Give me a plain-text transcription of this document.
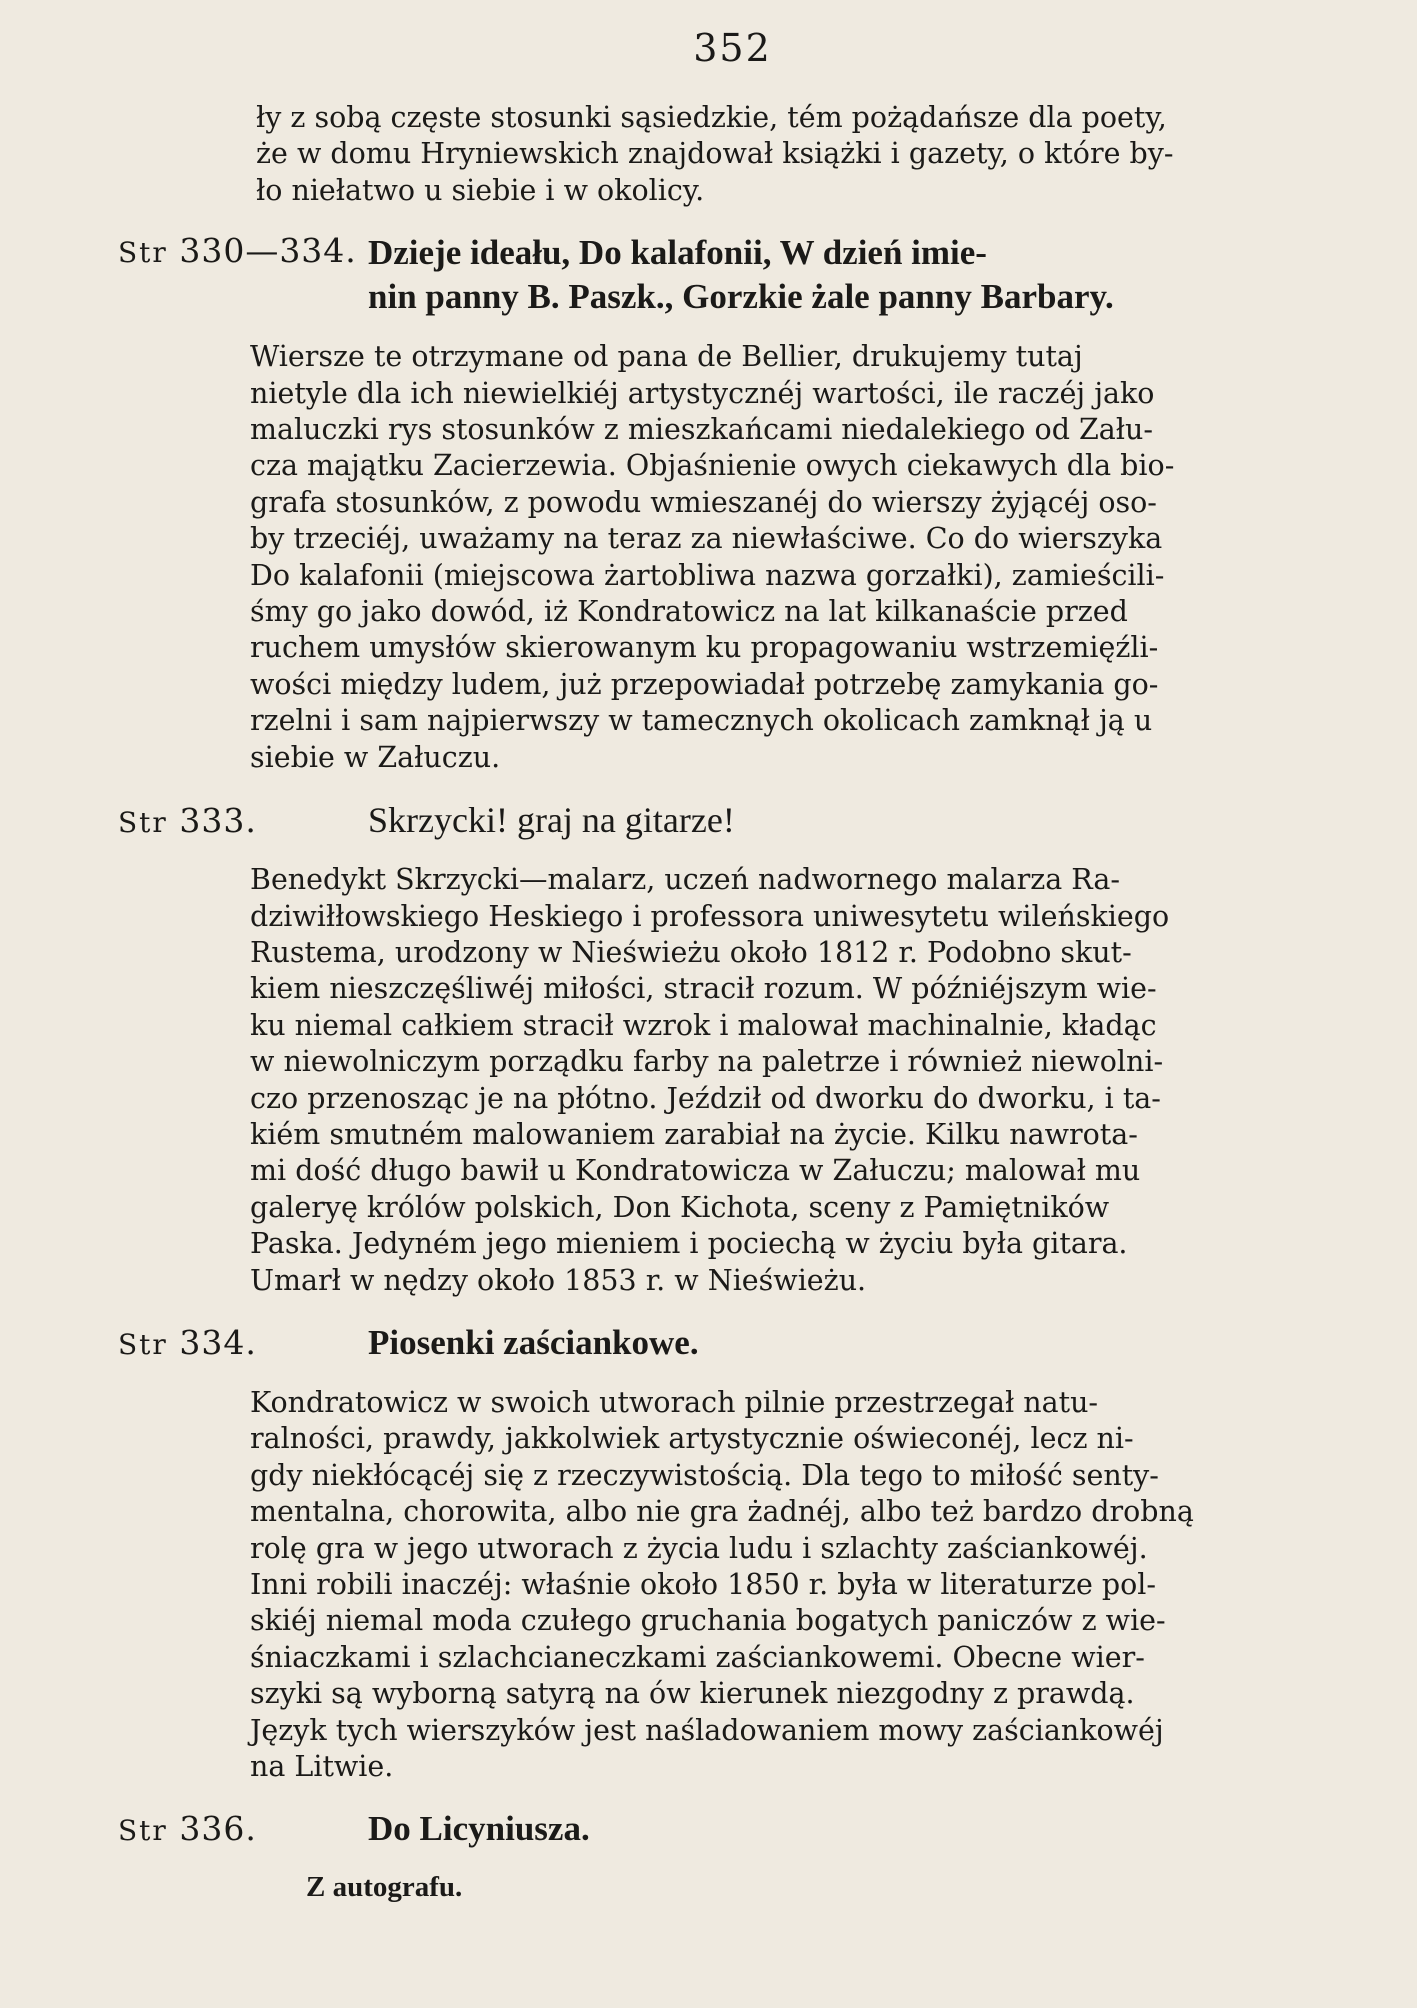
352

ły z sobą częste stosunki sąsiedzkie, tém pożądańsze dla poety,
że w domu Hryniewskich znajdował książki i gazety, o które by-
ło niełatwo u siebie i w okolicy.

Str 330—334. Dzieje ideału, Do kalafonii, W dzień imie-
nin panny B. Paszk., Gorzkie żale panny Barbary.

Wiersze te otrzymane od pana de Bellier, drukujemy tutaj
nietyle dla ich niewielkiéj artystycznéj wartości, ile raczéj jako
maluczki rys stosunków z mieszkańcami niedalekiego od Zału-
cza majątku Zacierzewia. Objaśnienie owych ciekawych dla bio-
grafa stosunków, z powodu wmieszanéj do wierszy żyjącéj oso-
by trzeciéj, uważamy na teraz za niewłaściwe. Co do wierszyka
Do kalafonii (miejscowa żartobliwa nazwa gorzałki), zamieścili-
śmy go jako dowód, iż Kondratowicz na lat kilkanaście przed
ruchem umysłów skierowanym ku propagowaniu wstrzemięźli-
wości między ludem, już przepowiadał potrzebę zamykania go-
rzelni i sam najpierwszy w tamecznych okolicach zamknął ją u
siebie w Załuczu.

Str 333.	Skrzycki! graj na gitarze!

Benedykt Skrzycki—malarz, uczeń nadwornego malarza Ra-
dziwiłłowskiego Heskiego i professora uniwesytetu wileńskiego
Rustema, urodzony w Nieświeżu około 1812 r. Podobno skut-
kiem nieszczęśliwéj miłości, stracił rozum. W późniéjszym wie-
ku niemal całkiem stracił wzrok i malował machinalnie, kładąc
w niewolniczym porządku farby na paletrze i również niewolni-
czo przenosząc je na płótno. Jeździł od dworku do dworku, i ta-
kiém smutném malowaniem zarabiał na życie. Kilku nawrota-
mi dość długo bawił u Kondratowicza w Załuczu; malował mu
galeryę królów polskich, Don Kichota, sceny z Pamiętników
Paska. Jedyném jego mieniem i pociechą w życiu była gitara.
Umarł w nędzy około 1853 r. w Nieświeżu.

Str 334.	Piosenki zaściankowe.

Kondratowicz w swoich utworach pilnie przestrzegał natu-
ralności, prawdy, jakkolwiek artystycznie oświeconéj, lecz ni-
gdy niekłócącéj się z rzeczywistością. Dla tego to miłość senty-
mentalna, chorowita, albo nie gra żadnéj, albo też bardzo drobną
rolę gra w jego utworach z życia ludu i szlachty zaściankowéj.
Inni robili inaczéj: właśnie około 1850 r. była w literaturze pol-
skiéj niemal moda czułego gruchania bogatych paniczów z wie-
śniaczkami i szlachcianeczkami zaściankowemi. Obecne wier-
szyki są wyborną satyrą na ów kierunek niezgodny z prawdą.
Język tych wierszyków jest naśladowaniem mowy zaściankowéj
na Litwie.

Str 336.	Do Licyniusza.
Z autografu.
